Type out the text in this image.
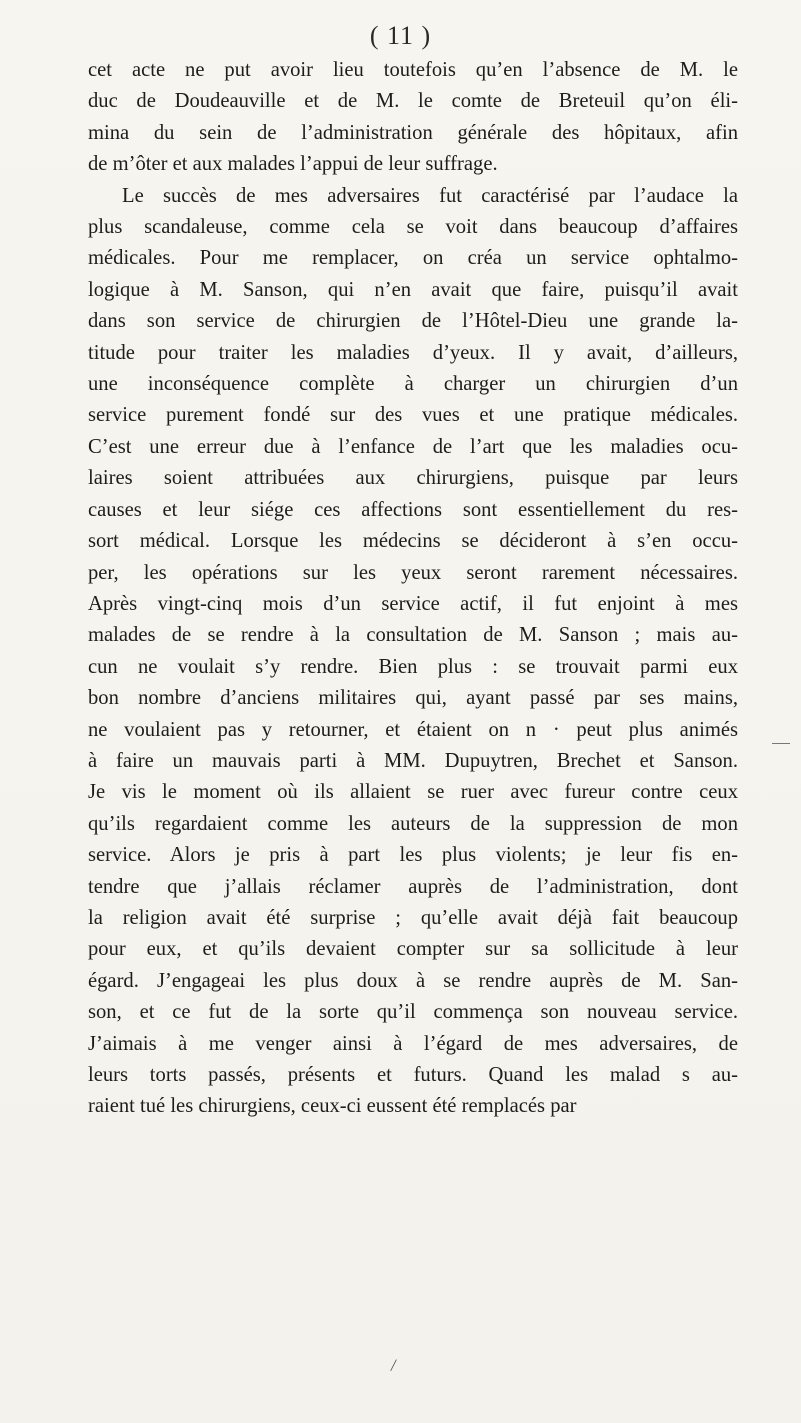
( 11 )

cet acte ne put avoir lieu toutefois qu’en l’absence de M. le

duc de Doudeauville et de M. le comte de Breteuil qu’on éli-

mina du sein de l’administration générale des hôpitaux, afin

de m’ôter et aux malades l’appui de leur suffrage.

Le succès de mes adversaires fut caractérisé par l’audace la

plus scandaleuse, comme cela se voit dans beaucoup d’affaires

médicales. Pour me remplacer, on créa un service ophtalmo-

logique à M. Sanson, qui n’en avait que faire, puisqu’il avait

dans son service de chirurgien de l’Hôtel-Dieu une grande la-

titude pour traiter les maladies d’yeux. Il y avait, d’ailleurs,

une inconséquence complète à charger un chirurgien d’un

service purement fondé sur des vues et une pratique médicales.

C’est une erreur due à l’enfance de l’art que les maladies ocu-

laires soient attribuées aux chirurgiens, puisque par leurs

causes et leur siége ces affections sont essentiellement du res-

sort médical. Lorsque les médecins se décideront à s’en occu-

per, les opérations sur les yeux seront rarement nécessaires.

Après vingt-cinq mois d’un service actif, il fut enjoint à mes

malades de se rendre à la consultation de M. Sanson ; mais au-

cun ne voulait s’y rendre. Bien plus : se trouvait parmi eux

bon nombre d’anciens militaires qui, ayant passé par ses mains,

ne voulaient pas y retourner, et étaient on n · peut plus animés

à faire un mauvais parti à MM. Dupuytren, Brechet et Sanson.

Je vis le moment où ils allaient se ruer avec fureur contre ceux

qu’ils regardaient comme les auteurs de la suppression de mon

service. Alors je pris à part les plus violents; je leur fis en-

tendre que j’allais réclamer auprès de l’administration, dont

la religion avait été surprise ; qu’elle avait déjà fait beaucoup

pour eux, et qu’ils devaient compter sur sa sollicitude à leur

égard. J’engageai les plus doux à se rendre auprès de M. San-

son, et ce fut de la sorte qu’il commença son nouveau service.

J’aimais à me venger ainsi à l’égard de mes adversaires, de

leurs torts passés, présents et futurs. Quand les malad s au-

raient tué les chirurgiens, ceux-ci eussent été remplacés par

/
